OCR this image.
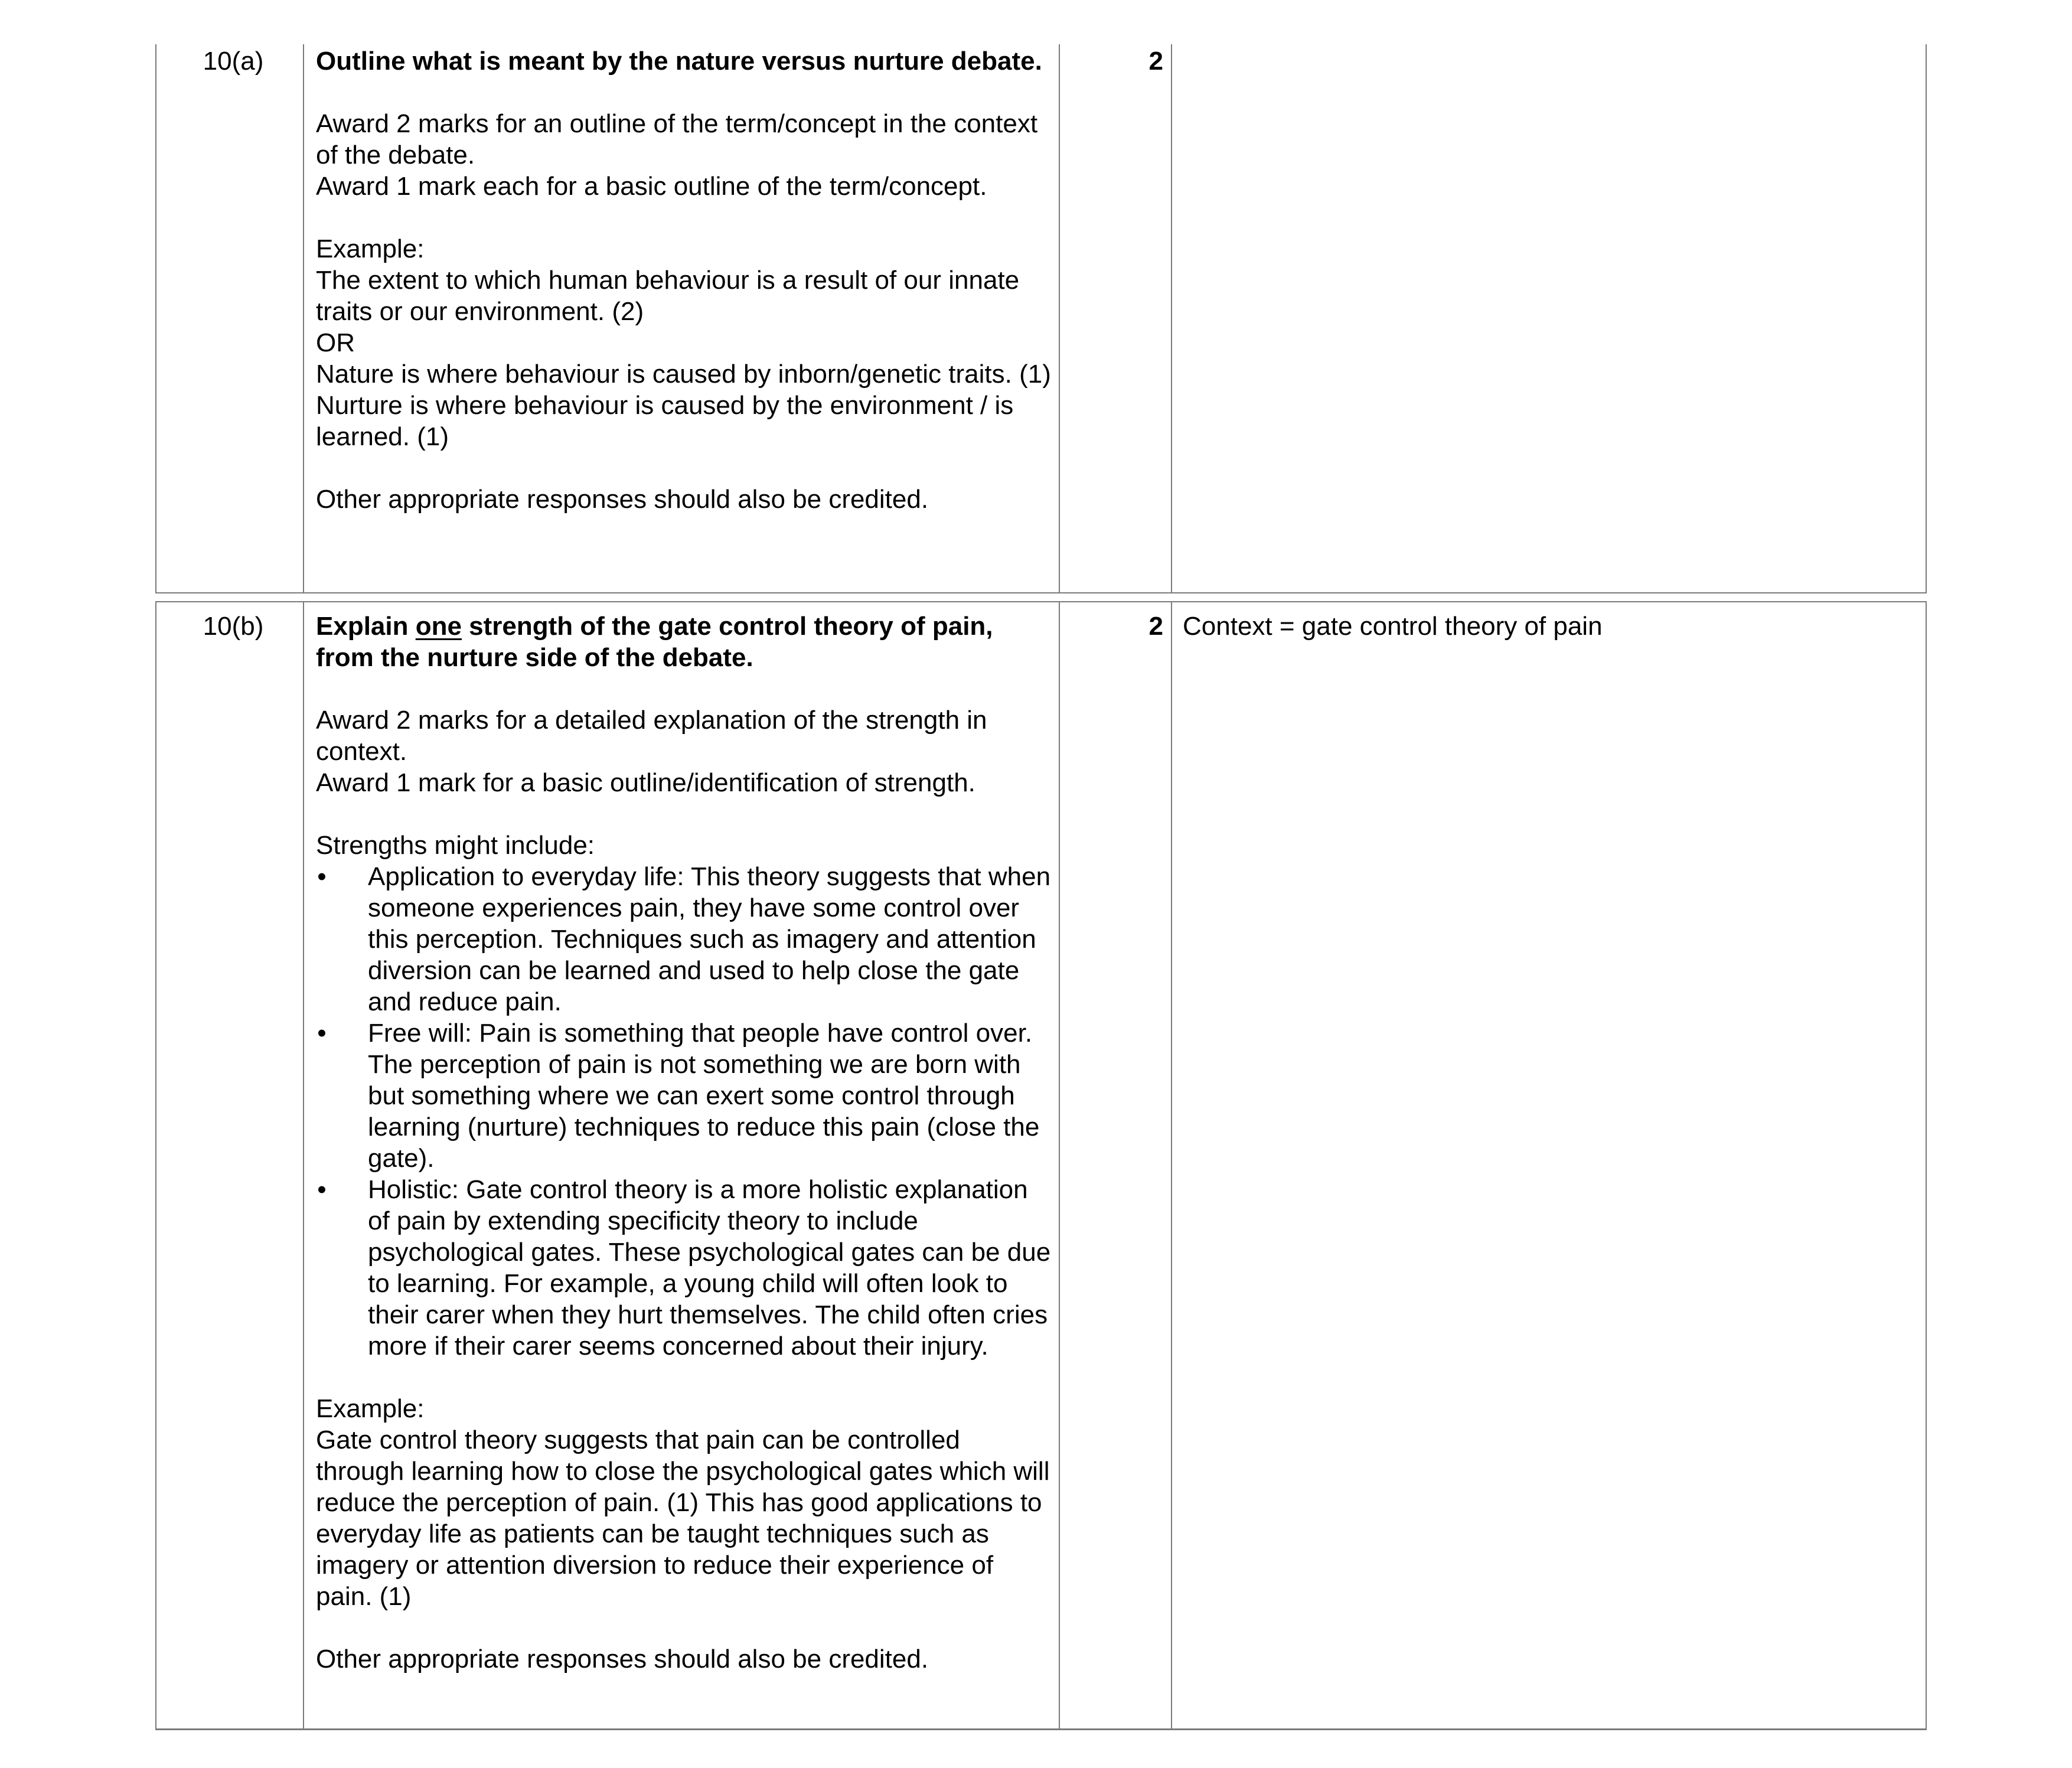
10(a) Outline what is meant by the nature versus nurture debate.

Award 2 marks for an outline of the term/concept in the context of the debate.

Award 1 mark each for a basic outline of the term/concept.

Example:

The extent to which human behaviour is a result of our innate traits or our environment. (2)

OR

Nature is where behaviour is caused by inborn/genetic traits. (1)

Nurture is where behaviour is caused by the environment / is learned. (1)

Other appropriate responses should also be credited.

2
10(b) Explain one strength of the gate control theory of pain, from the nurture side of the debate.

Award 2 marks for a detailed explanation of the strength in context.

Award 1 mark for a basic outline/identification of strength.

Strengths might include:

• Application to everyday life: This theory suggests that when someone experiences pain, they have some control over this perception. Techniques such as imagery and attention diversion can be learned and used to help close the gate and reduce pain.
• Free will: Pain is something that people have control over. The perception of pain is not something we are born with but something where we can exert some control through learning (nurture) techniques to reduce this pain (close the gate).
• Holistic: Gate control theory is a more holistic explanation of pain by extending specificity theory to include psychological gates. These psychological gates can be due to learning. For example, a young child will often look to their carer when they hurt themselves. The child often cries more if their carer seems concerned about their injury.

Example:

Gate control theory suggests that pain can be controlled through learning how to close the psychological gates which will reduce the perception of pain. (1) This has good applications to everyday life as patients can be taught techniques such as imagery or attention diversion to reduce their experience of pain. (1)

Other appropriate responses should also be credited.

2 Context = gate control theory of pain
